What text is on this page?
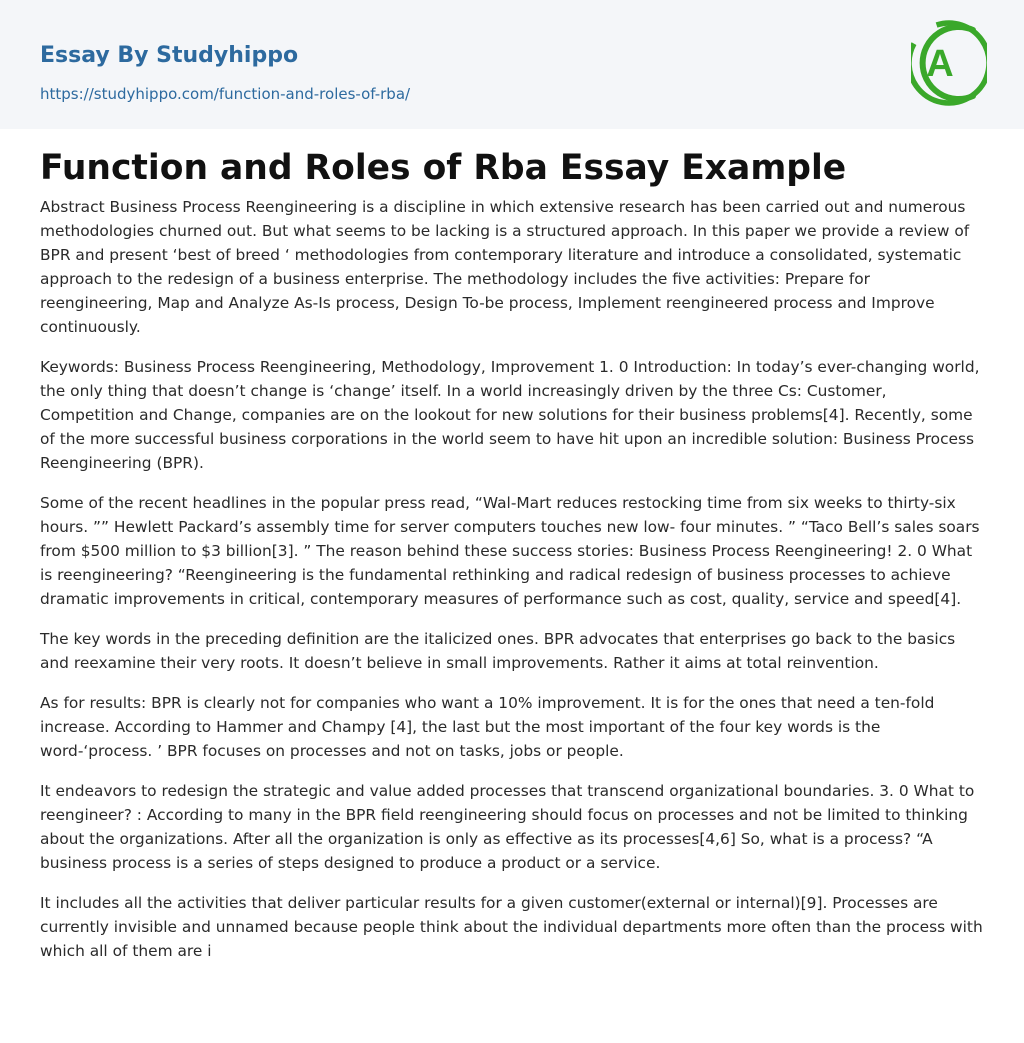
Essay By Studyhippo
https://studyhippo.com/function-and-roles-of-rba/
A
Function and Roles of Rba Essay Example

Abstract Business Process Reengineering is a discipline in which extensive research has been carried out and numerous methodologies churned out. But what seems to be lacking is a structured approach. In this paper we provide a review of BPR and present ‘best of breed ‘ methodologies from contemporary literature and introduce a consolidated, systematic approach to the redesign of a business enterprise. The methodology includes the five activities: Prepare for reengineering, Map and Analyze As-Is process, Design To-be process, Implement reengineered process and Improve continuously.

Keywords: Business Process Reengineering, Methodology, Improvement 1. 0 Introduction: In today’s ever-changing world, the only thing that doesn’t change is ‘change’ itself. In a world increasingly driven by the three Cs: Customer, Competition and Change, companies are on the lookout for new solutions for their business problems[4]. Recently, some of the more successful business corporations in the world seem to have hit upon an incredible solution: Business Process Reengineering (BPR).

Some of the recent headlines in the popular press read, “Wal-Mart reduces restocking time from six weeks to thirty-six hours. ”” Hewlett Packard’s assembly time for server computers touches new low- four minutes. ” “Taco Bell’s sales soars from $500 million to $3 billion[3]. ” The reason behind these success stories: Business Process Reengineering! 2. 0 What is reengineering? “Reengineering is the fundamental rethinking and radical redesign of business processes to achieve dramatic improvements in critical, contemporary measures of performance such as cost, quality, service and speed[4].

The key words in the preceding definition are the italicized ones. BPR advocates that enterprises go back to the basics and reexamine their very roots. It doesn’t believe in small improvements. Rather it aims at total reinvention.

As for results: BPR is clearly not for companies who want a 10% improvement. It is for the ones that need a ten-fold increase. According to Hammer and Champy [4], the last but the most important of the four key words is the word-‘process. ’ BPR focuses on processes and not on tasks, jobs or people.

It endeavors to redesign the strategic and value added processes that transcend organizational boundaries. 3. 0 What to reengineer? : According to many in the BPR field reengineering should focus on processes and not be limited to thinking about the organizations. After all the organization is only as effective as its processes[4,6] So, what is a process? “A business process is a series of steps designed to produce a product or a service.

It includes all the activities that deliver particular results for a given customer(external or internal)[9]. Processes are currently invisible and unnamed because people think about the individual departments more often than the process with which all of them are i
